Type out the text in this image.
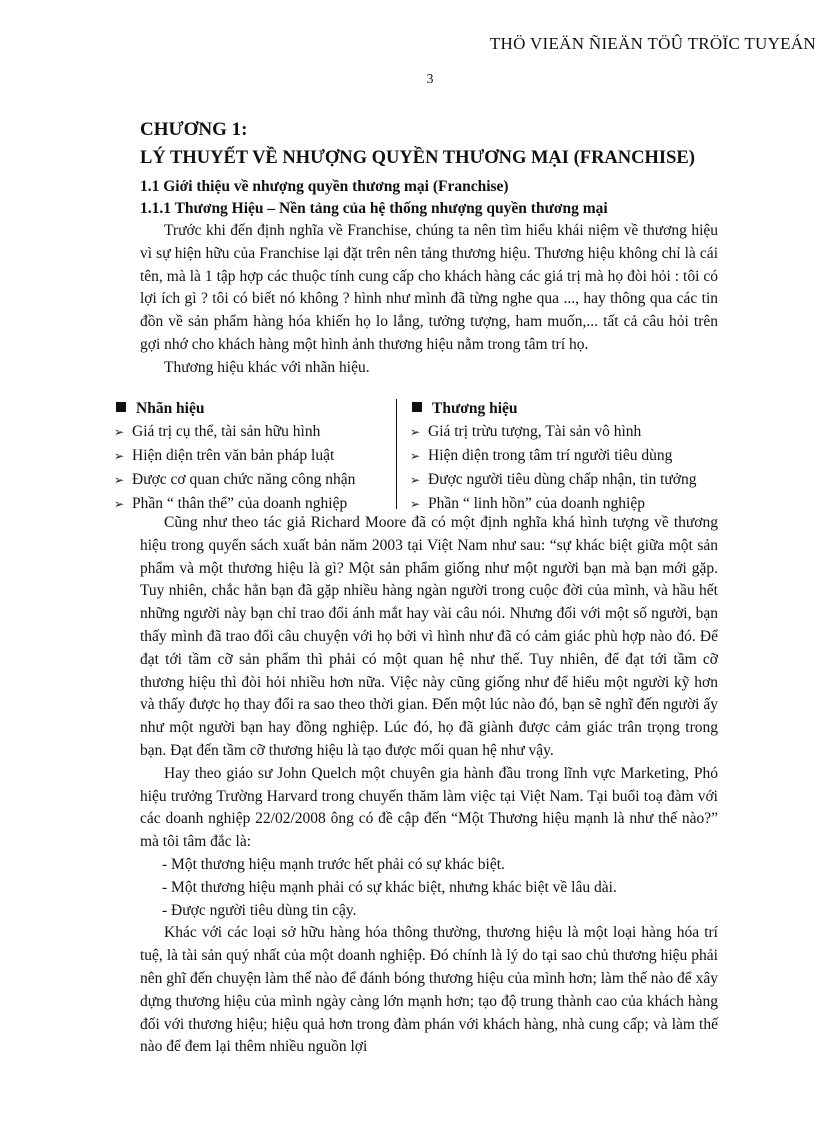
THÖ VIEÄN ÑIEÄN TÖÛ TRÖÏC TUYEÁN
3
CHƯƠNG 1:
LÝ THUYẾT VỀ NHƯỢNG QUYỀN THƯƠNG MẠI (FRANCHISE)
1.1 Giới thiệu về nhượng quyền thương mại (Franchise)
1.1.1 Thương Hiệu – Nền tảng của hệ thống nhượng quyền thương mại

Trước khi đến định nghĩa về Franchise, chúng ta nên tìm hiểu khái niệm về thương hiệu vì sự hiện hữu của Franchise lại đặt trên nên tảng thương hiệu. Thương hiệu không chỉ là cái tên, mà là 1 tập hợp các thuộc tính cung cấp cho khách hàng các giá trị mà họ đòi hỏi : tôi có lợi ích gì ? tôi có biết nó không ? hình như mình đã từng nghe qua ..., hay thông qua các tin đồn về sản phẩm hàng hóa khiến họ lo lắng, tưởng tượng, ham muốn,... tất cả câu hỏi trên gợi nhớ cho khách hàng một hình ảnh thương hiệu nằm trong tâm trí họ.

Thương hiệu khác với nhãn hiệu.

Nhãn hiệu
➢ Giá trị cụ thể, tài sản hữu hình
➢ Hiện diện trên văn bản pháp luật
➢ Được cơ quan chức năng công nhận
➢ Phần “ thân thể” của doanh nghiệp
Thương hiệu
➢ Giá trị trừu tượng, Tài sản vô hình
➢ Hiện diện trong tâm trí người tiêu dùng
➢ Được người tiêu dùng chấp nhận, tin tưởng
➢ Phần “ linh hồn” của doanh nghiệp

Cũng như theo tác giả Richard Moore đã có một định nghĩa khá hình tượng về thương hiệu trong quyển sách xuất bản năm 2003 tại Việt Nam như sau: “sự khác biệt giữa một sản phẩm và một thương hiệu là gì? Một sản phẩm giống như một người bạn mà bạn mới gặp. Tuy nhiên, chắc hẳn bạn đã gặp nhiều hàng ngàn người trong cuộc đời của mình, và hầu hết những người này bạn chỉ trao đổi ánh mắt hay vài câu nói. Nhưng đối với một số người, bạn thấy mình đã trao đổi câu chuyện với họ bởi vì hình như đã có cảm giác phù hợp nào đó. Để đạt tới tầm cỡ sản phẩm thì phải có một quan hệ như thế. Tuy nhiên, để đạt tới tầm cỡ thương hiệu thì đòi hỏi nhiều hơn nữa. Việc này cũng giống như để hiểu một người kỹ hơn và thấy được họ thay đổi ra sao theo thời gian. Đến một lúc nào đó, bạn sẽ nghĩ đến người ấy như một người bạn hay đồng nghiệp. Lúc đó, họ đã giành được cảm giác trân trọng trong bạn. Đạt đến tầm cỡ thương hiệu là tạo được mối quan hệ như vậy.

Hay theo giáo sư John Quelch một chuyên gia hành đầu trong lĩnh vực Marketing, Phó hiệu trưởng Trường Harvard trong chuyến thăm làm việc tại Việt Nam. Tại buổi toạ đàm với các doanh nghiệp 22/02/2008 ông có đề cập đến “Một Thương hiệu mạnh là như thế nào?” mà tôi tâm đắc là:

- Một thương hiệu mạnh trước hết phải có sự khác biệt.

- Một thương hiệu mạnh phải có sự khác biệt, nhưng khác biệt về lâu dài.

- Được người tiêu dùng tin cậy.

Khác với các loại sở hữu hàng hóa thông thường, thương hiệu là một loại hàng hóa trí tuệ, là tài sản quý nhất của một doanh nghiệp. Đó chính là lý do tại sao chủ thương hiệu phải nên ghĩ đến chuyện làm thế nào để đánh bóng thương hiệu của mình hơn; làm thế nào để xây dựng thương hiệu của mình ngày càng lớn mạnh hơn; tạo độ trung thành cao của khách hàng đối với thương hiệu; hiệu quả hơn trong đàm phán với khách hàng, nhà cung cấp; và làm thế nào để đem lại thêm nhiều nguồn lợi
